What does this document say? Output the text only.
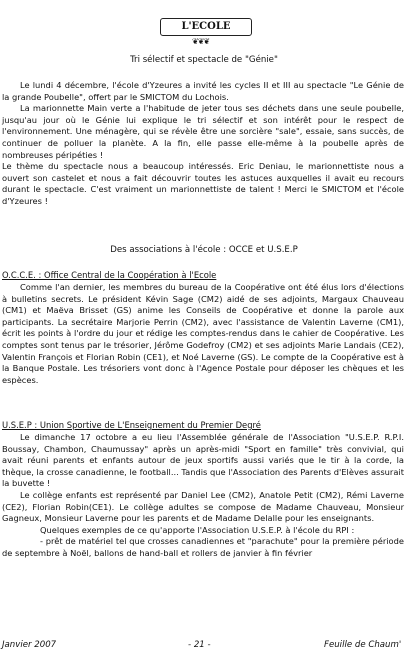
L'ECOLE
❦❦❦
Tri sélectif et spectacle de "Génie"

Le lundi 4 décembre, l'école d'Yzeures a invité les cycles II et III au spectacle "Le Génie de la grande Poubelle", offert par le SMICTOM du Lochois.

La marionnette Main verte a l'habitude de jeter tous ses déchets dans une seule poubelle, jusqu'au jour où le Génie lui explique le tri sélectif et son intérêt pour le respect de l'environnement. Une ménagère, qui se révèle être une sorcière "sale", essaie, sans succès, de continuer de polluer la planète. A la fin, elle passe elle-même à la poubelle après de nombreuses péripéties !

Le thème du spectacle nous a beaucoup intéressés. Eric Deniau, le marionnettiste nous a ouvert son castelet et nous a fait découvrir toutes les astuces auxquelles il avait eu recours durant le spectacle. C'est vraiment un marionnettiste de talent ! Merci le SMICTOM et l'école d'Yzeures !

Des associations à l'école : OCCE et U.S.E.P
O.C.C.E. : Office Central de la Coopération à l'Ecole

Comme l'an dernier, les membres du bureau de la Coopérative ont été élus lors d'élections à bulletins secrets. Le président Kévin Sage (CM2) aidé de ses adjoints, Margaux Chauveau (CM1) et Maëva Brisset (GS) anime les Conseils de Coopérative et donne la parole aux participants. La secrétaire Marjorie Perrin (CM2), avec l'assistance de Valentin Laverne (CM1), écrit les points à l'ordre du jour et rédige les comptes-rendus dans le cahier de Coopérative. Les comptes sont tenus par le trésorier, Jérôme Godefroy (CM2) et ses adjoints Marie Landais (CE2), Valentin François et Florian Robin (CE1), et Noé Laverne (GS). Le compte de la Coopérative est à la Banque Postale. Les trésoriers vont donc à l'Agence Postale pour déposer les chèques et les espèces.

U.S.E.P : Union Sportive de L'Enseignement du Premier Degré

Le dimanche 17 octobre a eu lieu l'Assemblée générale de l'Association "U.S.E.P. R.P.I. Boussay, Chambon, Chaumussay" après un après-midi "Sport en famille" très convivial, qui avait réuni parents et enfants autour de jeux sportifs aussi variés que le tir à la corde, la thèque, la crosse canadienne, le football... Tandis que l'Association des Parents d'Elèves assurait la buvette !

Le collège enfants est représenté par Daniel Lee (CM2), Anatole Petit (CM2), Rémi Laverne (CE2), Florian Robin(CE1). Le collège adultes se compose de Madame Chauveau, Monsieur Gagneux, Monsieur Laverne pour les parents et de Madame Delalle pour les enseignants.

Quelques exemples de ce qu'apporte l'Association U.S.E.P. à l'école du RPI :

- prêt de matériel tel que crosses canadiennes et "parachute" pour la première période de septembre à Noël, ballons de hand-ball et rollers de janvier à fin février

Janvier 2007	- 21 -	Feuille de Chaum'
